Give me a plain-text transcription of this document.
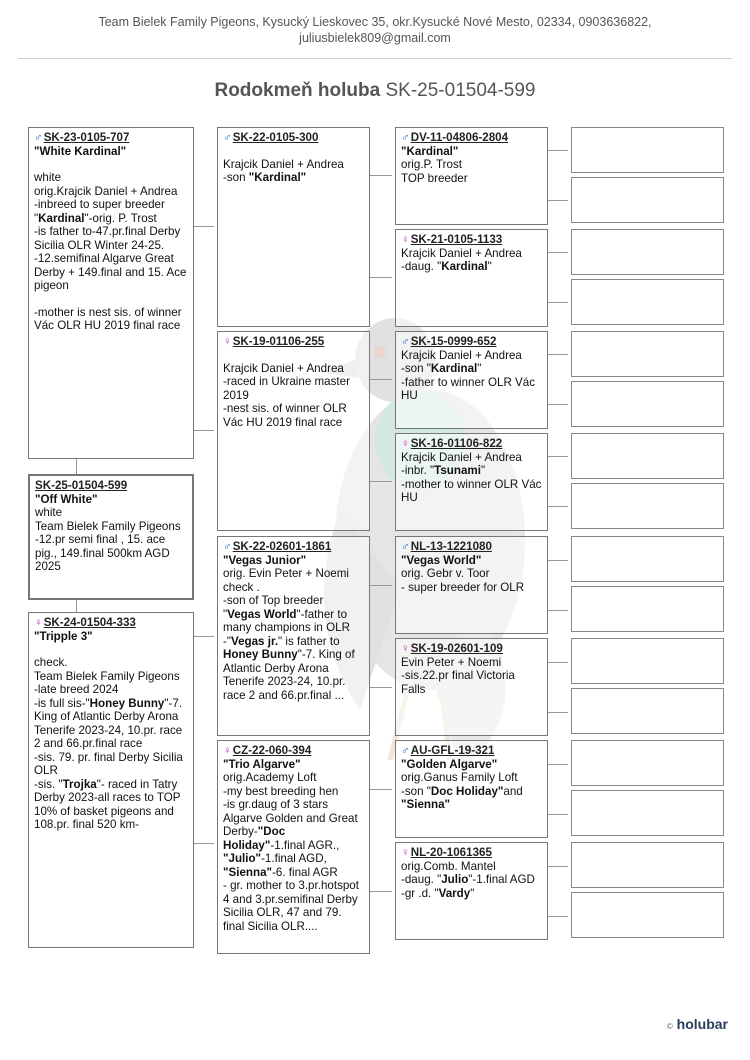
Team Bielek Family Pigeons, Kysucký Lieskovec 35, okr.Kysucké Nové Mesto, 02334, 0903636822,
juliusbielek809@gmail.com
Rodokmeň holuba SK-25-01504-599
♂SK-23-0105-707
"White Kardinal"
white
orig.Krajcik Daniel + Andrea
-inbreed to super breeder "Kardinal"-orig. P. Trost
-is father to-47.pr.final Derby Sicilia OLR Winter 24-25.
-12.semifinal Algarve Great Derby + 149.final and 15. Ace pigeon
-mother is nest sis. of winner Vác OLR HU 2019 final race
SK-25-01504-599
"Off White"
white
Team Bielek Family Pigeons
-12.pr semi final , 15. ace pig., 149.final 500km AGD 2025
♀SK-24-01504-333
"Tripple 3"
check.
Team Bielek Family Pigeons
-late breed 2024
-is full sis-"Honey Bunny"-7. King of Atlantic Derby Arona Tenerife 2023-24, 10.pr. race 2 and 66.pr.final race
-sis. 79. pr. final Derby Sicilia OLR
-sis. "Trojka"- raced in Tatry Derby 2023-all races to TOP 10% of basket pigeons and 108.pr. final 520 km-
♂SK-22-0105-300
Krajcik Daniel + Andrea
-son "Kardinal"
♀SK-19-01106-255
Krajcik Daniel + Andrea
-raced in Ukraine master 2019
-nest sis. of winner OLR Vác HU 2019 final race
♂SK-22-02601-1861
"Vegas Junior"
orig. Evin Peter + Noemi
check .
-son of Top breeder "Vegas World"-father to many champions in OLR
-"Vegas jr." is father to Honey Bunny"-7. King of Atlantic Derby Arona Tenerife 2023-24, 10.pr. race 2 and 66.pr.final ...
♀CZ-22-060-394
"Trio Algarve"
orig.Academy Loft
-my best breeding hen
-is gr.daug of 3 stars Algarve Golden and Great Derby-"Doc Holiday"-1.final AGR., "Julio"-1.final AGD, "Sienna"-6. final AGR
- gr. mother to 3.pr.hotspot 4 and 3.pr.semifinal Derby Sicilia OLR, 47 and 79. final Sicilia OLR....
♂DV-11-04806-2804
"Kardinal"
orig.P. Trost
TOP breeder
♀SK-21-0105-1133
Krajcik Daniel + Andrea
-daug. "Kardinal"
♂SK-15-0999-652
Krajcik Daniel + Andrea
-son "Kardinal"
-father to winner OLR Vác HU
♀SK-16-01106-822
Krajcik Daniel + Andrea
-inbr. "Tsunami"
-mother to winner OLR Vác HU
♂NL-13-1221080
"Vegas World"
orig. Gebr v. Toor
- super breeder for OLR
♀SK-19-02601-109
Evin Peter + Noemi
-sis.22.pr final Victoria Falls
♂AU-GFL-19-321
"Golden Algarve"
orig.Ganus Family Loft
-son "Doc Holiday"and "Sienna"
♀NL-20-1061365
orig.Comb. Mantel
-daug. "Julio"-1.final AGD
-gr .d. "Vardy"
© holubar
